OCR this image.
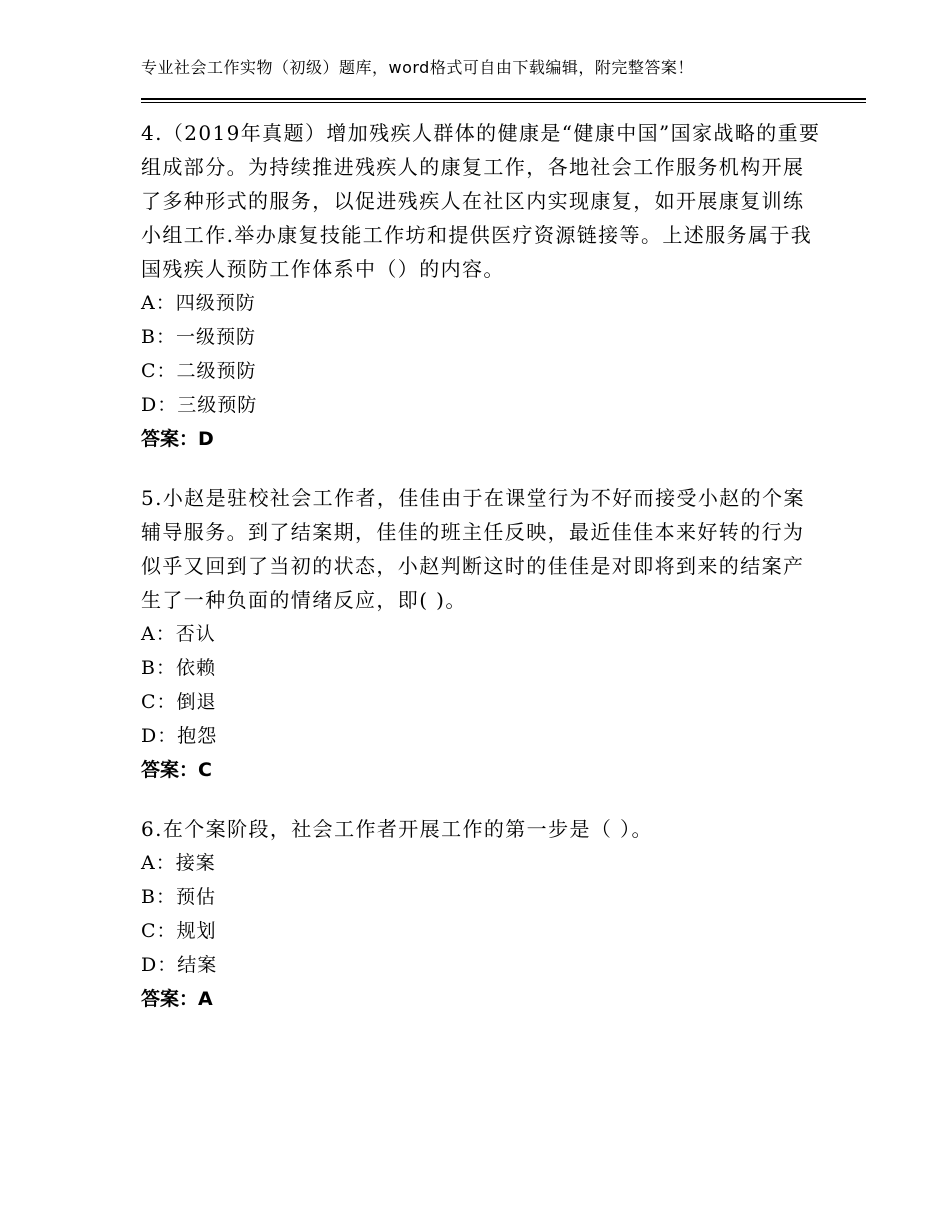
专业社会工作实物（初级）题库，word格式可自由下载编辑，附完整答案！

4.（2019年真题）增加残疾人群体的健康是“健康中国”国家战略的重要组成部分。为持续推进残疾人的康复工作，各地社会工作服务机构开展了多种形式的服务，以促进残疾人在社区内实现康复，如开展康复训练小组工作.举办康复技能工作坊和提供医疗资源链接等。上述服务属于我国残疾人预防工作体系中（）的内容。

A：四级预防

B：一级预防

C：二级预防

D：三级预防

答案：D

5.小赵是驻校社会工作者，佳佳由于在课堂行为不好而接受小赵的个案辅导服务。到了结案期，佳佳的班主任反映，最近佳佳本来好转的行为似乎又回到了当初的状态，小赵判断这时的佳佳是对即将到来的结案产生了一种负面的情绪反应，即( )。

A：否认

B：依赖

C：倒退

D：抱怨

答案：C

6.在个案阶段，社会工作者开展工作的第一步是（ ）。

A：接案

B：预估

C：规划

D：结案

答案：A
